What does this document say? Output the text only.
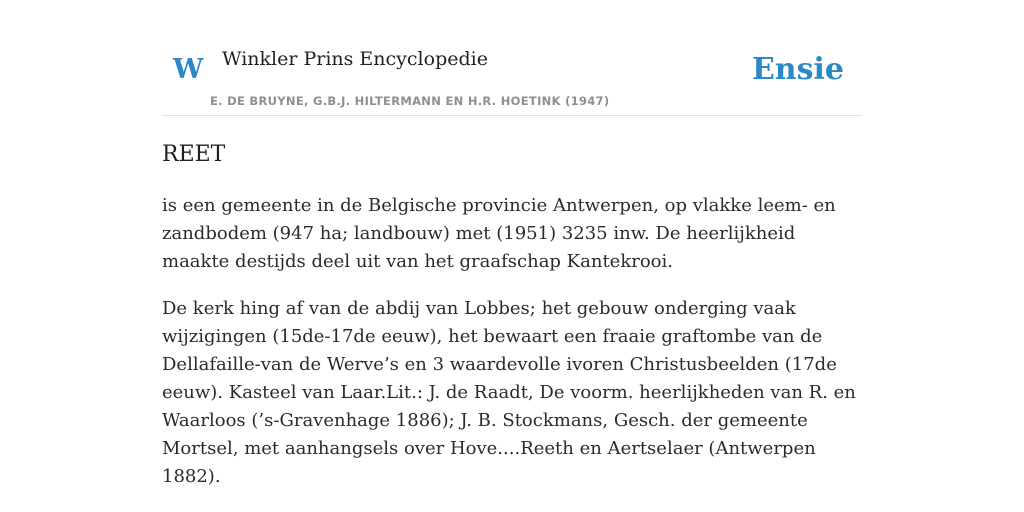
W Winkler Prins Encyclopedie
E. DE BRUYNE, G.B.J. HILTERMANN EN H.R. HOETINK (1947)
Ensie
REET

is een gemeente in de Belgische provincie Antwerpen, op vlakke leem- en zandbodem (947 ha; landbouw) met (1951) 3235 inw. De heerlijkheid maakte destijds deel uit van het graafschap Kantekrooi.

De kerk hing af van de abdij van Lobbes; het gebouw onderging vaak wijzigingen (15de-17de eeuw), het bewaart een fraaie graftombe van de Dellafaille-van de Werve’s en 3 waardevolle ivoren Christusbeelden (17de eeuw). Kasteel van Laar.Lit.: J. de Raadt, De voorm. heerlijkheden van R. en Waarloos (’s-Gravenhage 1886); J. B. Stockmans, Gesch. der gemeente Mortsel, met aanhangsels over Hove....Reeth en Aertselaer (Antwerpen 1882).
